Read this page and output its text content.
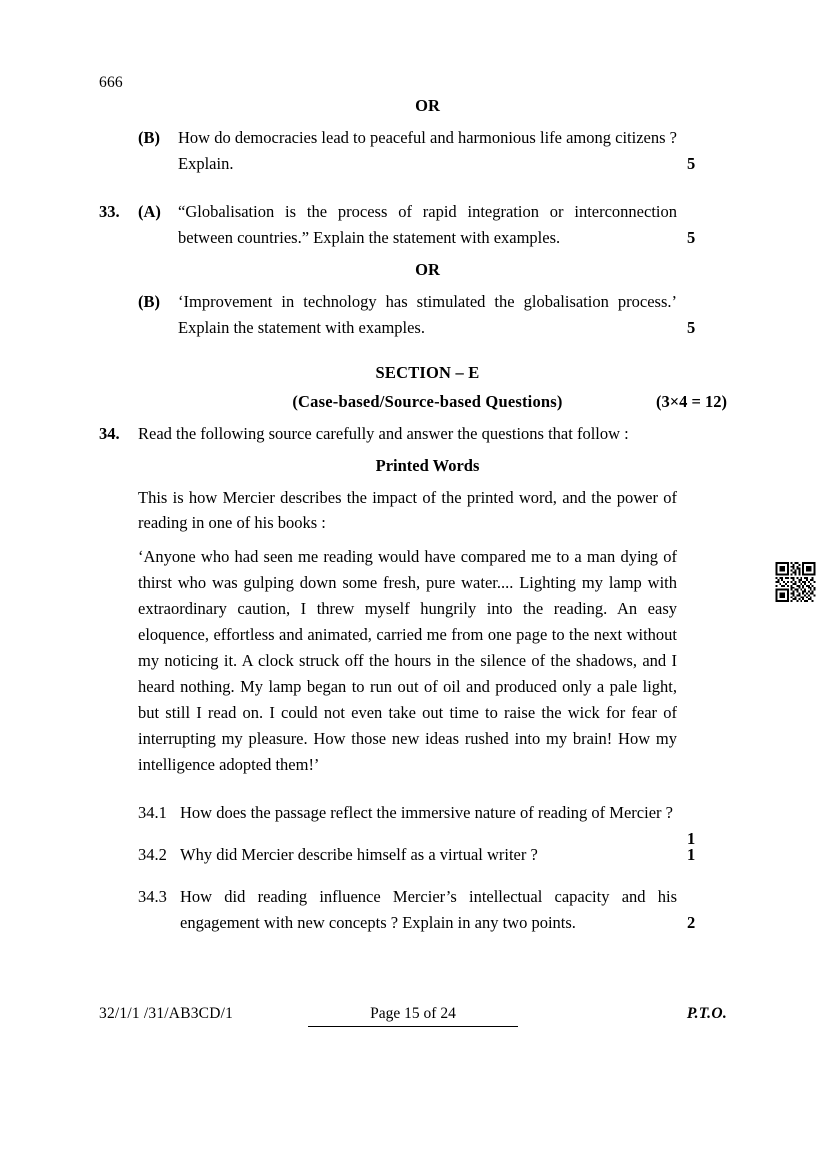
666
OR
(B)	How do democracies lead to peaceful and harmonious life among citizens ? Explain.	5
33.	(A)	“Globalisation is the process of rapid integration or interconnection between countries.” Explain the statement with examples.	5
OR
(B)	‘Improvement in technology has stimulated the globalisation process.’ Explain the statement with examples.	5
SECTION – E
(Case-based/Source-based Questions)	(3×4 = 12)
34.	Read the following source carefully and answer the questions that follow :
Printed Words

This is how Mercier describes the impact of the printed word, and the power of reading in one of his books :

‘Anyone who had seen me reading would have compared me to a man dying of thirst who was gulping down some fresh, pure water.... Lighting my lamp with extraordinary caution, I threw myself hungrily into the reading. An easy eloquence, effortless and animated, carried me from one page to the next without my noticing it. A clock struck off the hours in the silence of the shadows, and I heard nothing. My lamp began to run out of oil and produced only a pale light, but still I read on. I could not even take out time to raise the wick for fear of interrupting my pleasure. How those new ideas rushed into my brain! How my intelligence adopted them!’

34.1 How does the passage reflect the immersive nature of reading of Mercier ?
1
34.2 Why did Mercier describe himself as a virtual writer ?	1
34.3 How did reading influence Mercier’s intellectual capacity and his engagement with new concepts ? Explain in any two points.	2
32/1/1 /31/AB3CD/1	Page 15 of 24	P.T.O.
